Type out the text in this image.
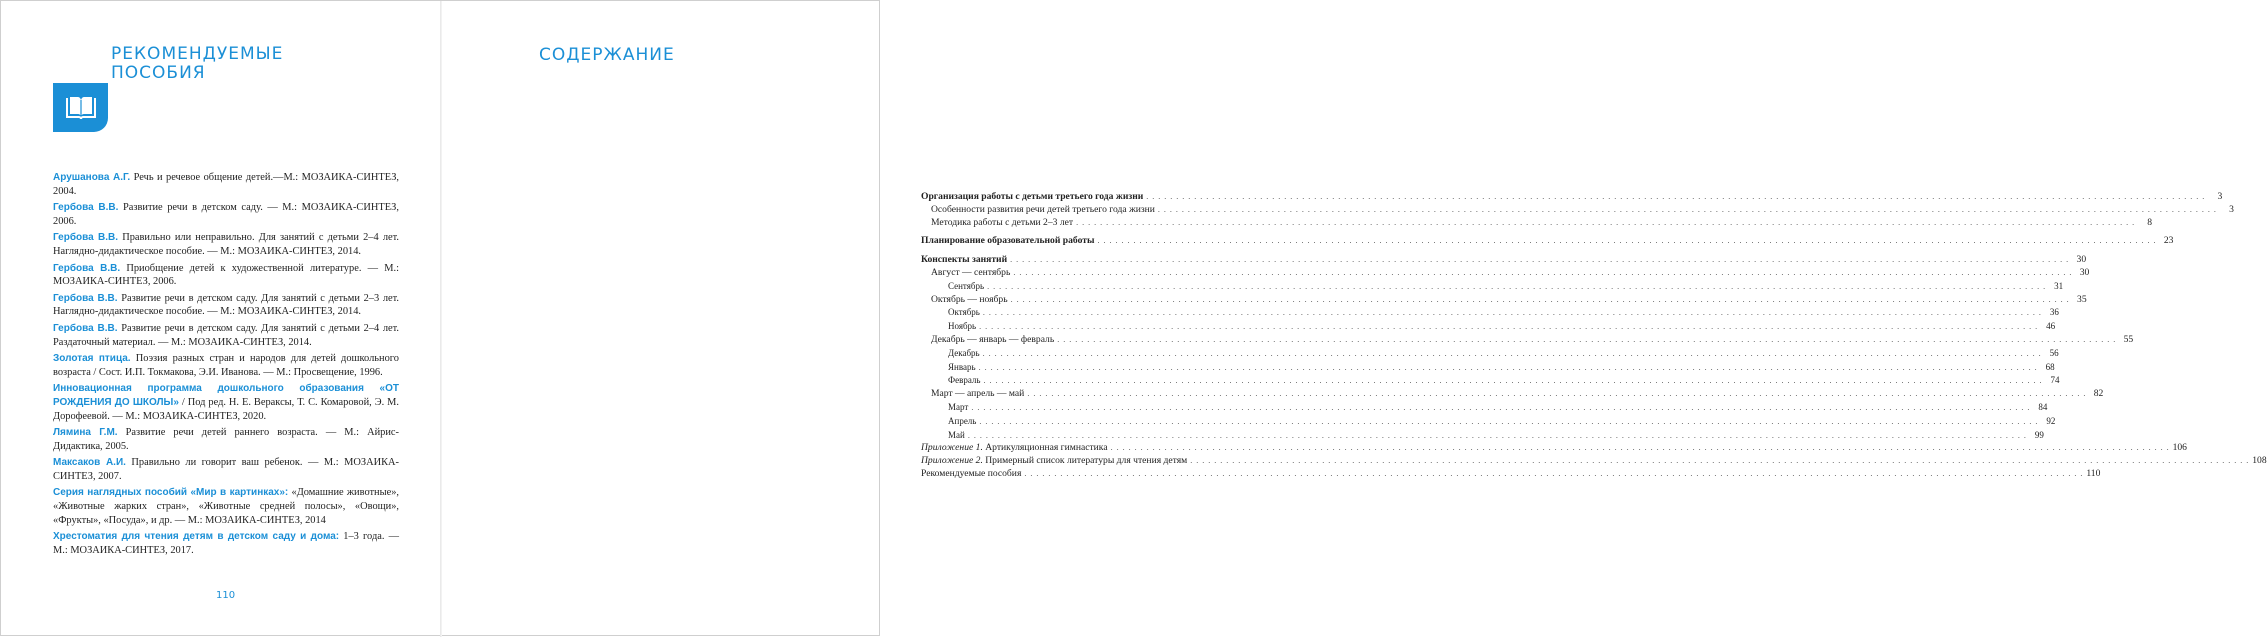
РЕКОМЕНДУЕМЫЕ
ПОСОБИЯ

Арушанова А.Г. Речь и речевое общение детей.—М.: МОЗАИКА-СИНТЕЗ, 2004.

Гербова В.В. Развитие речи в детском саду. — М.: МОЗАИКА-СИНТЕЗ, 2006.

Гербова В.В. Правильно или неправильно. Для занятий с детьми 2–4 лет. Наглядно-дидактическое пособие. — М.: МОЗАИКА-СИНТЕЗ, 2014.

Гербова В.В. Приобщение детей к художественной литературе. — М.: МОЗАИКА-СИНТЕЗ, 2006.

Гербова В.В. Развитие речи в детском саду. Для занятий с детьми 2–3 лет. Наглядно-дидактическое пособие. — М.: МОЗАИКА-СИНТЕЗ, 2014.

Гербова В.В. Развитие речи в детском саду. Для занятий с детьми 2–4 лет. Раздаточный материал. — М.: МОЗАИКА-СИНТЕЗ, 2014.

Золотая птица. Поэзия разных стран и народов для детей дошкольного возраста / Сост. И.П. Токмакова, Э.И. Иванова. — М.: Просвещение, 1996.

Инновационная программа дошкольного образования «ОТ РОЖДЕНИЯ ДО ШКОЛЫ» / Под ред. Н. Е. Вераксы, Т. С. Комаровой, Э. М. Дорофеевой. — М.: МОЗАИКА-СИНТЕЗ, 2020.

Лямина Г.М. Развитие речи детей раннего возраста. — М.: Айрис-Дидактика, 2005.

Максаков А.И. Правильно ли говорит ваш ребенок. — М.: МОЗАИКА-СИНТЕЗ, 2007.

Серия наглядных пособий «Мир в картинках»: «Домашние животные», «Животные жарких стран», «Животные средней полосы», «Овощи», «Фрукты», «Посуда», и др. — М.: МОЗАИКА-СИНТЕЗ, 2014

Хрестоматия для чтения детям в детском саду и дома: 1–3 года. — М.: МОЗАИКА-СИНТЕЗ, 2017.

110
СОДЕРЖАНИЕ
Организация работы с детьми третьего года жизни . . .	3
Особенности развития речи детей третьего года жизни . . .	3
Методика работы с детьми 2–3 лет . . .	8
Планирование образовательной работы . . .	23
Конспекты занятий . . .	30
Август — сентябрь . . .	30
Сентябрь . . .	31
Октябрь — ноябрь . . .	35
Октябрь . . .	36
Ноябрь . . .	46
Декабрь — январь — февраль . . .	55
Декабрь . . .	56
Январь . . .	68
Февраль . . .	74
Март — апрель — май . . .	82
Март . . .	84
Апрель . . .	92
Май . . .	99
Приложение 1. Артикуляционная гимнастика . . .	106
Приложение 2. Примерный список литературы для чтения детям . . .	108
Рекомендуемые пособия . . .	110
